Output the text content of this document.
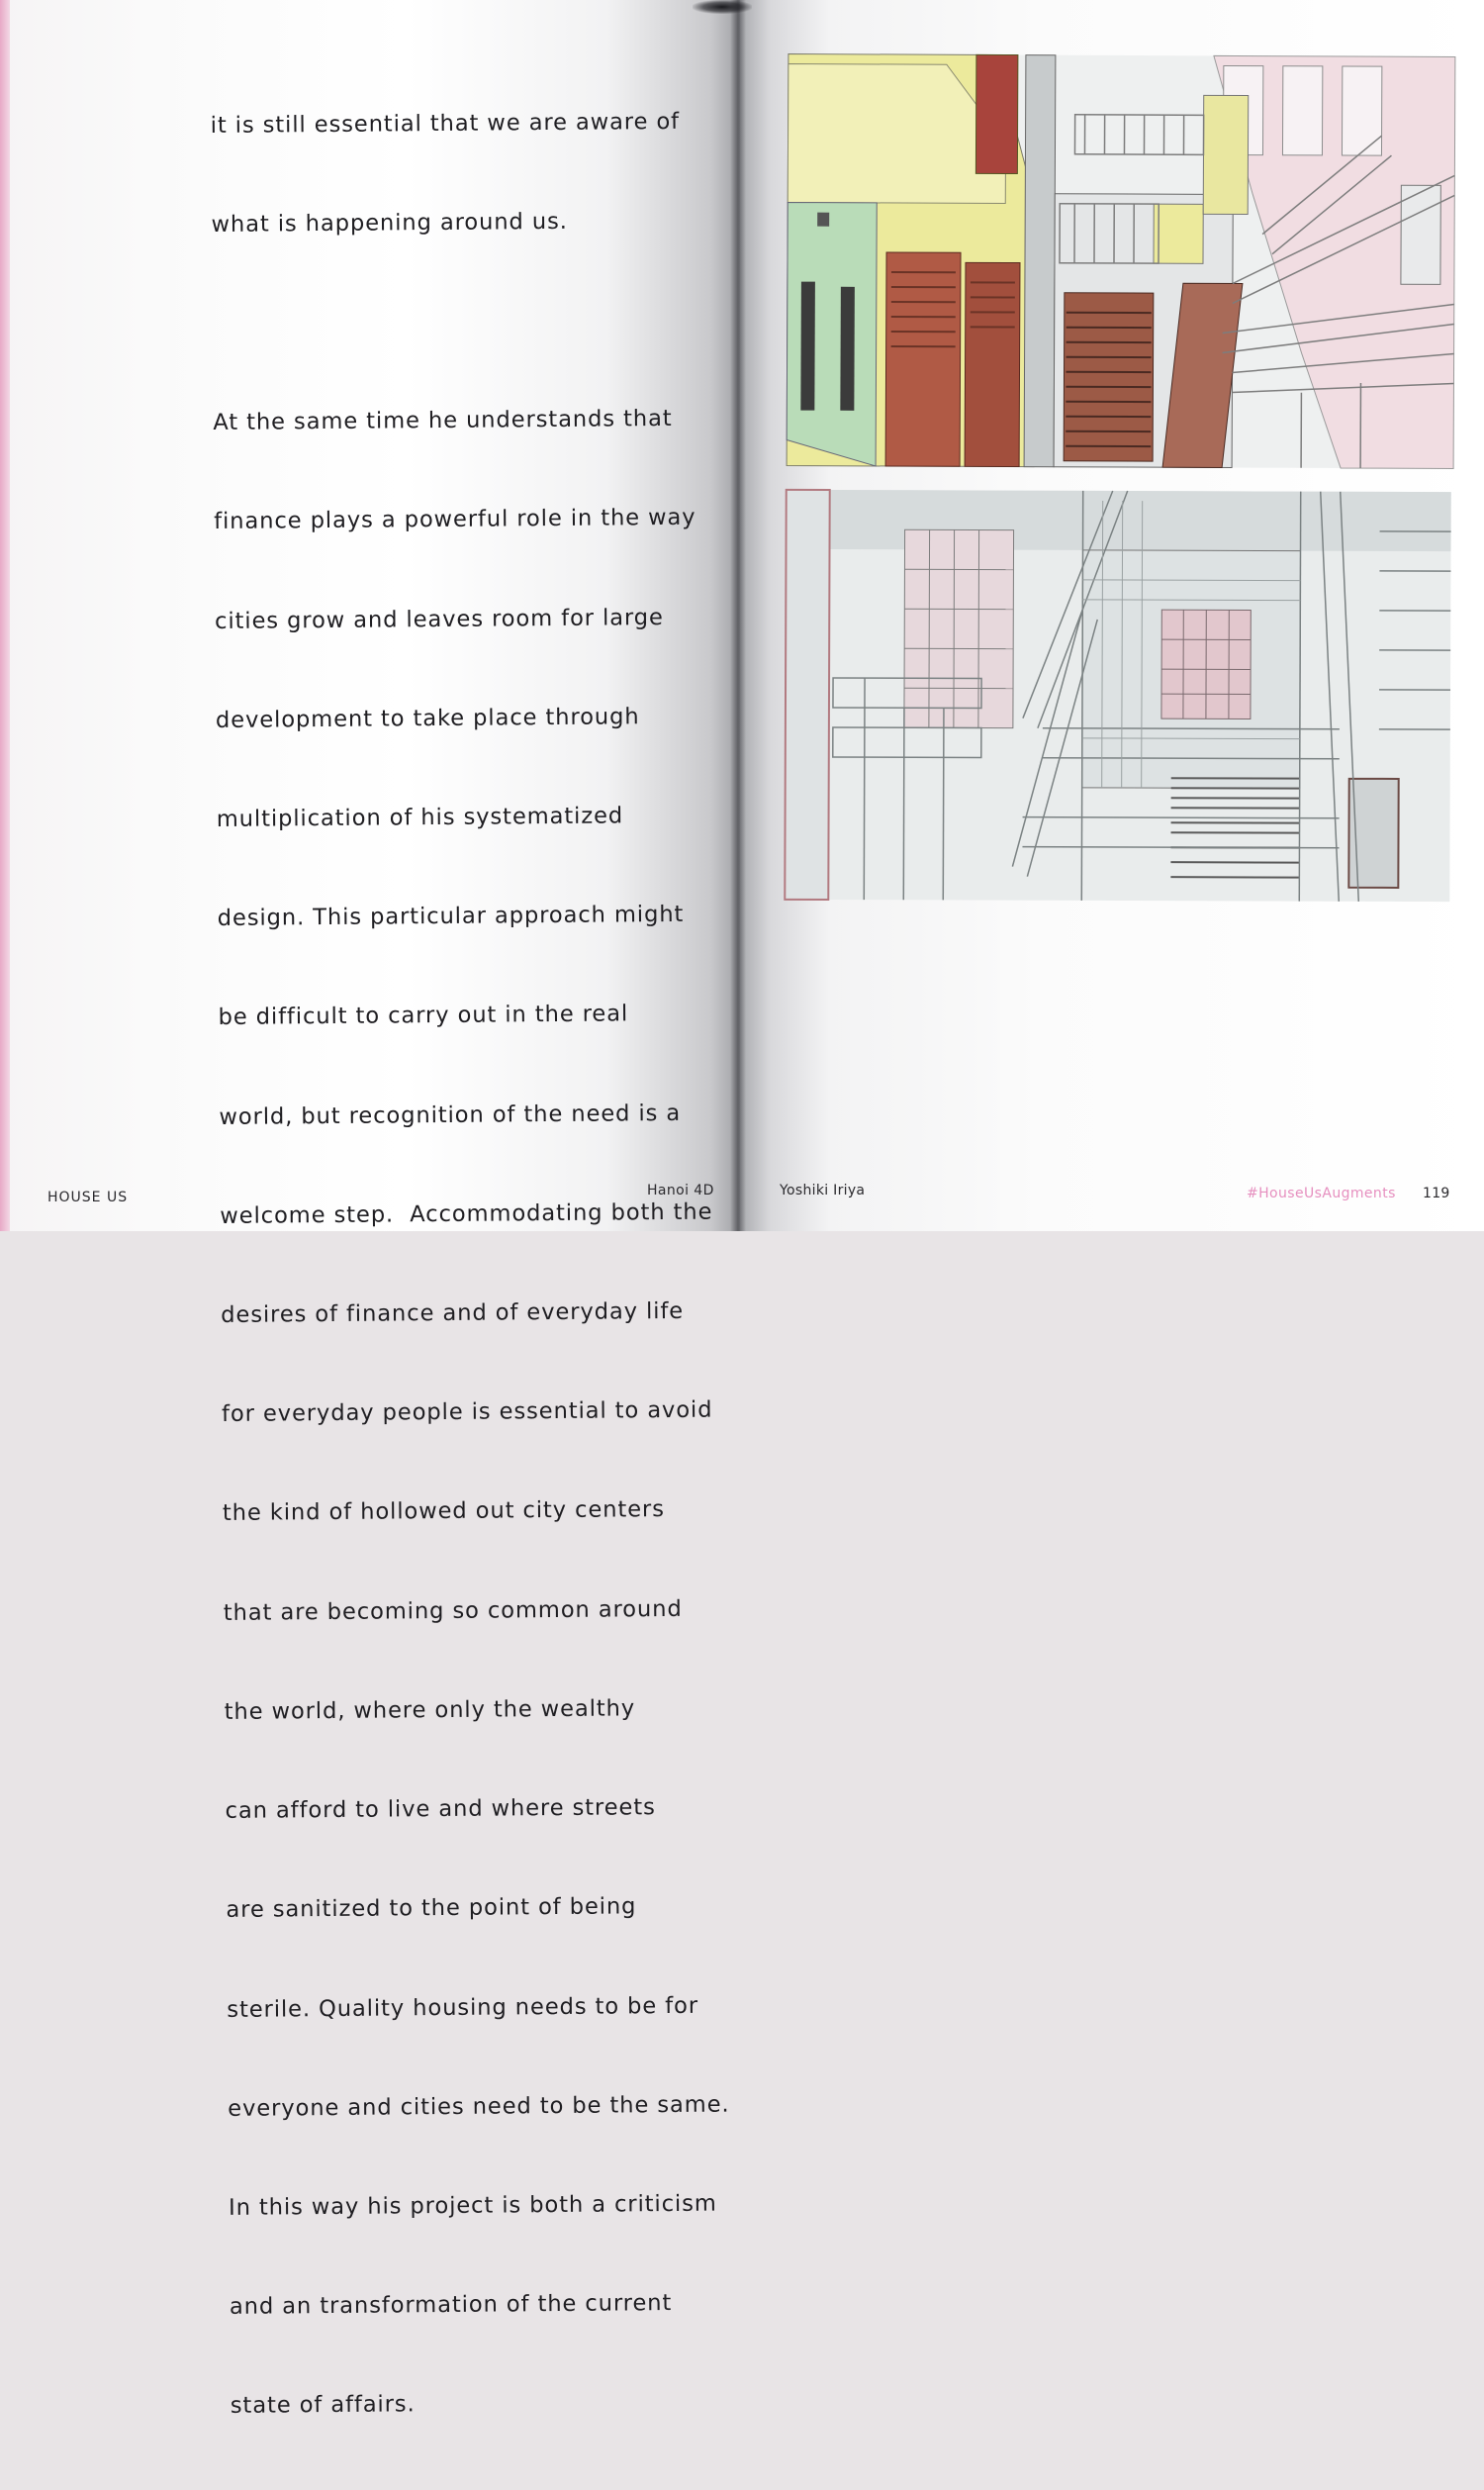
it is still essential that we are aware of

what is happening around us.

At the same time he understands that

finance plays a powerful role in the way

cities grow and leaves room for large

development to take place through

multiplication of his systematized

design. This particular approach might

be difficult to carry out in the real

world, but recognition of the need is a

welcome step.  Accommodating both the

desires of finance and of everyday life

for everyday people is essential to avoid

the kind of hollowed out city centers

that are becoming so common around

the world, where only the wealthy

can afford to live and where streets

are sanitized to the point of being

sterile. Quality housing needs to be for

everyone and cities need to be the same.

In this way his project is both a criticism

and an transformation of the current

state of affairs.

HOUSE US	Hanoi 4D	Yoshiki Iriya	#HouseUsAugments 119
